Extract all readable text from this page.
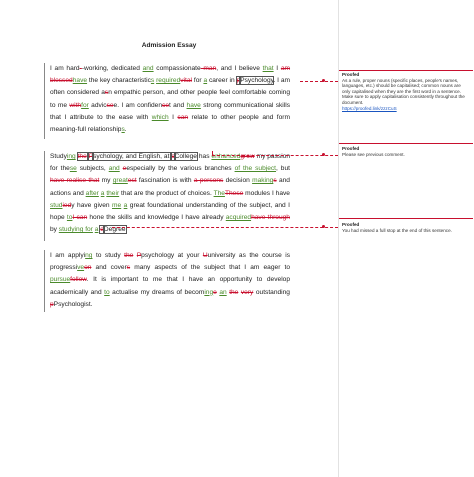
Admission Essay
I am hard--working, dedicated and compassionate man, and I believe that I am blessedhave the key characteristics requiredvital for a career in pPsychology. I am often considered asn empathic person, and other people feel comfortable coming to me withfor advicsee. I am confidencet and have strong communicational skills that I attribute to the ease with which I can relate to other people and form meaning-full relationships.
Studying the Psychology, and English, at cCollege has enhancedgrow my passion for these subjects, and eespecially by the various branches of the subject, but have realise that my greatest fascination is with a persons decision makings and actions and after a their that are the product of choices. TheThese modules I have studiedy have given me a great foundational understanding of the subject, and I hope toI can hone the skills and knowledge I have already acquiredhave through by studying for a dDegree.
I am applying to study the Ppsychology at your Uuniversity as the course is progressiveon and covers many aspects of the subject that I am eager to pursuefollow. It is important to me that I have an opportunity to develop academically and to actualise my dreams of becominge an the very outstanding pPsychologist.
Proofed
As a rule, proper nouns (specific places, people's names, languages, etc.) should be capitalised; common nouns are only capitalised when they are the first word in a sentence. Make sure to apply capitalisation consistently throughout the document.
https://proofed.link/zzzCuS
Proofed
Please see previous comment.
Proofed
You had missed a full stop at the end of this sentence.
